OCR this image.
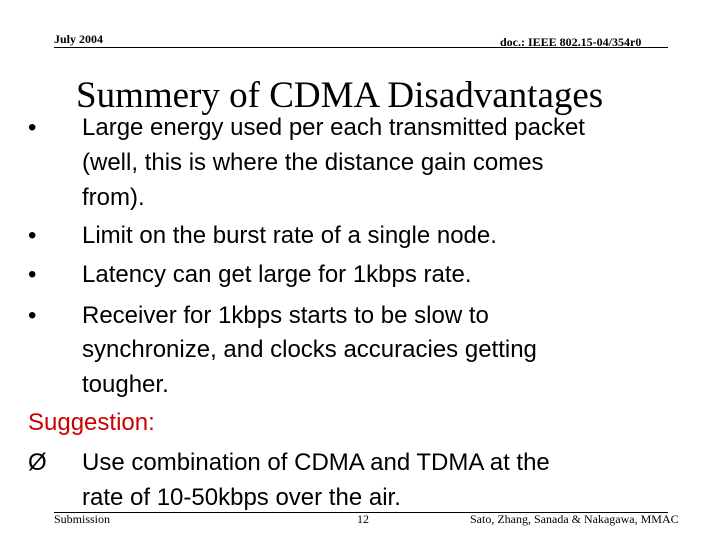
July 2004	doc.: IEEE 802.15-04/354r0
Summery of CDMA Disadvantages
• Large energy used per each transmitted packet
(well, this is where the distance gain comes
from).
• Limit on the burst rate of a single node.
• Latency can get large for 1kbps rate.
• Receiver for 1kbps starts to be slow to
synchronize, and clocks accuracies getting
tougher.
Suggestion:
Ø Use combination of CDMA and TDMA at the
rate of 10-50kbps over the air.
Submission	12	Sato, Zhang, Sanada & Nakagawa, MMAC
